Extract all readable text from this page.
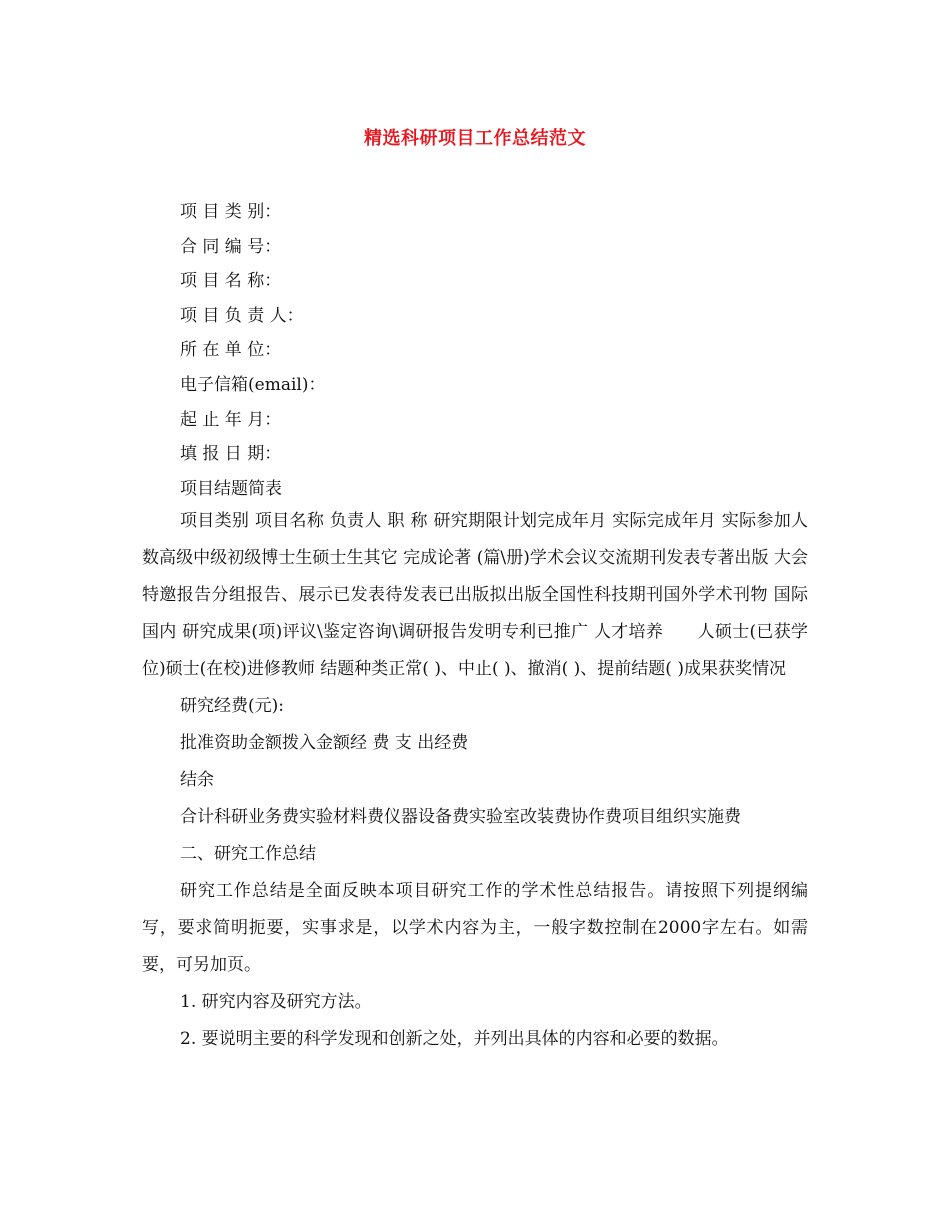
精选科研项目工作总结范文
项 目 类 别：
合 同 编 号：
项 目 名 称：
项 目 负 责 人：
所 在 单 位：
电子信箱(email)：
起 止 年 月：
填 报 日 期：
项目结题简表

项目类别 项目名称 负责人 职 称 研究期限计划完成年月 实际完成年月 实际参加人数高级中级初级博士生硕士生其它 完成论著 (篇\册)学术会议交流期刊发表专著出版 大会特邀报告分组报告、展示已发表待发表已出版拟出版全国性科技期刊国外学术刊物 国际 国内 研究成果(项)评议\鉴定咨询\调研报告发明专利已推广 人才培养　　人硕士(已获学位)硕士(在校)进修教师 结题种类正常( )、中止( )、撤消( )、提前结题( )成果获奖情况

研究经费(元):

批准资助金额拨入金额经 费 支 出经费

结余

合计科研业务费实验材料费仪器设备费实验室改装费协作费项目组织实施费

二、研究工作总结

研究工作总结是全面反映本项目研究工作的学术性总结报告。请按照下列提纲编写，要求简明扼要，实事求是，以学术内容为主，一般字数控制在2000字左右。如需要，可另加页。

1. 研究内容及研究方法。

2. 要说明主要的科学发现和创新之处，并列出具体的内容和必要的数据。
